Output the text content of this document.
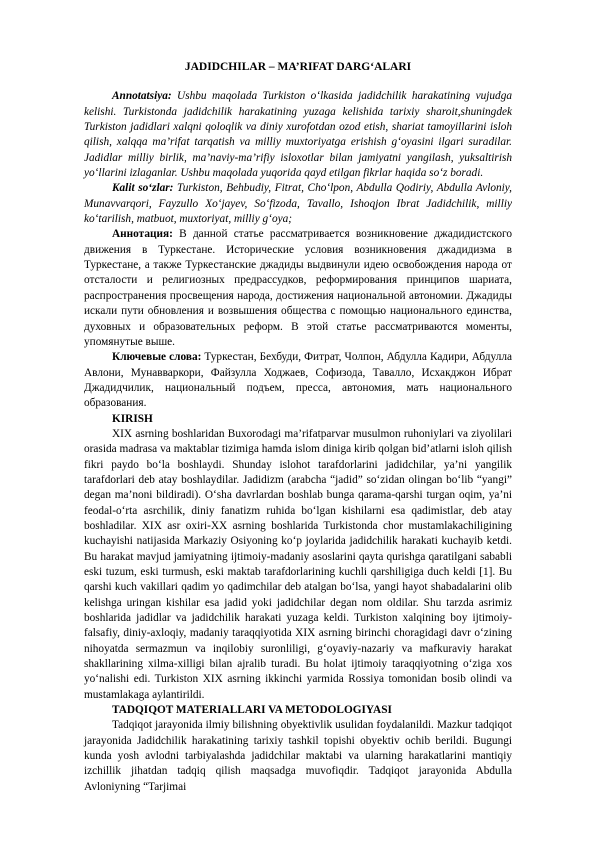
JADIDCHILAR – MA’RIFAT DARG‘ALARI

Annotatsiya: Ushbu maqolada Turkiston o‘lkasida jadidchilik harakatining vujudga kelishi. Turkistonda jadidchilik harakatining yuzaga kelishida tarixiy sharoit,shuningdek Turkiston jadidlari xalqni qoloqlik va diniy xurofotdan ozod etish, shariat tamoyillarini isloh qilish, xalqqa ma’rifat tarqatish va milliy muxtoriyatga erishish g‘oyasini ilgari suradilar. Jadidlar milliy birlik, ma’naviy-ma’rifiy isloxotlar bilan jamiyatni yangilash, yuksaltirish yo‘llarini izlaganlar. Ushbu maqolada yuqorida qayd etilgan fikrlar haqida so‘z boradi.

Kalit so‘zlar: Turkiston, Behbudiy, Fitrat, Cho‘lpon, Abdulla Qodiriy, Abdulla Avloniy, Munavvarqori, Fayzullo Xo‘jayev, So‘fizoda, Tavallo, Ishoqjon Ibrat Jadidchilik, milliy ko‘tarilish, matbuot, muxtoriyat, milliy g‘oya;

Аннотация: В данной статье рассматривается возникновение джадидистского движения в Туркестане. Исторические условия возникновения джадидизма в Туркестане, а также Туркестанские джадиды выдвинули идею освобождения народа от отсталости и религиозных предрассудков, реформирования принципов шариата, распространения просвещения народа, достижения национальной автономии. Джадиды искали пути обновления и возвышения общества с помощью национального единства, духовных и образовательных реформ. В этой статье рассматриваются моменты, упомянутые выше.

Ключевые слова: Туркестан, Бехбуди, Фитрат, Чолпон, Абдулла Кадири, Абдулла Авлони, Мунавваркори, Файзулла Ходжаев, Софизода, Тавалло, Исхакджон Ибрат Джадидчилик, национальный подъем, пресса, автономия, мать национального образования.

KIRISH

XIX asrning boshlaridan Buxorodagi ma’rifatparvar musulmon ruhoniylari va ziyolilari orasida madrasa va maktablar tizimiga hamda islom diniga kirib qolgan bid’atlarni isloh qilish fikri paydo bo‘la boshlaydi. Shunday islohot tarafdorlarini jadidchilar, ya’ni yangilik tarafdorlari deb atay boshlaydilar. Jadidizm (arabcha “jadid” so‘zidan olingan bo‘lib “yangi” degan ma’noni bildiradi). O‘sha davrlardan boshlab bunga qarama-qarshi turgan oqim, ya’ni feodal-o‘rta asrchilik, diniy fanatizm ruhida bo‘lgan kishilarni esa qadimistlar, deb atay boshladilar. XIX asr oxiri-XX asrning boshlarida Turkistonda chor mustamlakachiligining kuchayishi natijasida Markaziy Osiyoning ko‘p joylarida jadidchilik harakati kuchayib ketdi. Bu harakat mavjud jamiyatning ijtimoiy-madaniy asoslarini qayta qurishga qaratilgani sababli eski tuzum, eski turmush, eski maktab tarafdorlarining kuchli qarshiligiga duch keldi [1]. Bu qarshi kuch vakillari qadim yo qadimchilar deb atalgan bo‘lsa, yangi hayot shabadalarini olib kelishga uringan kishilar esa jadid yoki jadidchilar degan nom oldilar. Shu tarzda asrimiz boshlarida jadidlar va jadidchilik harakati yuzaga keldi. Turkiston xalqining boy ijtimoiy-falsafiy, diniy-axloqiy, madaniy taraqqiyotida XIX asrning birinchi choragidagi davr o‘zining nihoyatda sermazmun va inqilobiy suronliligi, g‘oyaviy-nazariy va mafkuraviy harakat shakllarining xilma-xilligi bilan ajralib turadi. Bu holat ijtimoiy taraqqiyotning o‘ziga xos yo‘nalishi edi. Turkiston XIX asrning ikkinchi yarmida Rossiya tomonidan bosib olindi va mustamlakaga aylantirildi.

TADQIQOT MATERIALLARI VA METODOLOGIYASI

Tadqiqot jarayonida ilmiy bilishning obyektivlik usulidan foydalanildi. Mazkur tadqiqot jarayonida Jadidchilik harakatining tarixiy tashkil topishi obyektiv ochib berildi. Bugungi kunda yosh avlodni tarbiyalashda jadidchilar maktabi va ularning harakatlarini mantiqiy izchillik jihatdan tadqiq qilish maqsadga muvofiqdir. Tadqiqot jarayonida Abdulla Avloniyning “Tarjimai
